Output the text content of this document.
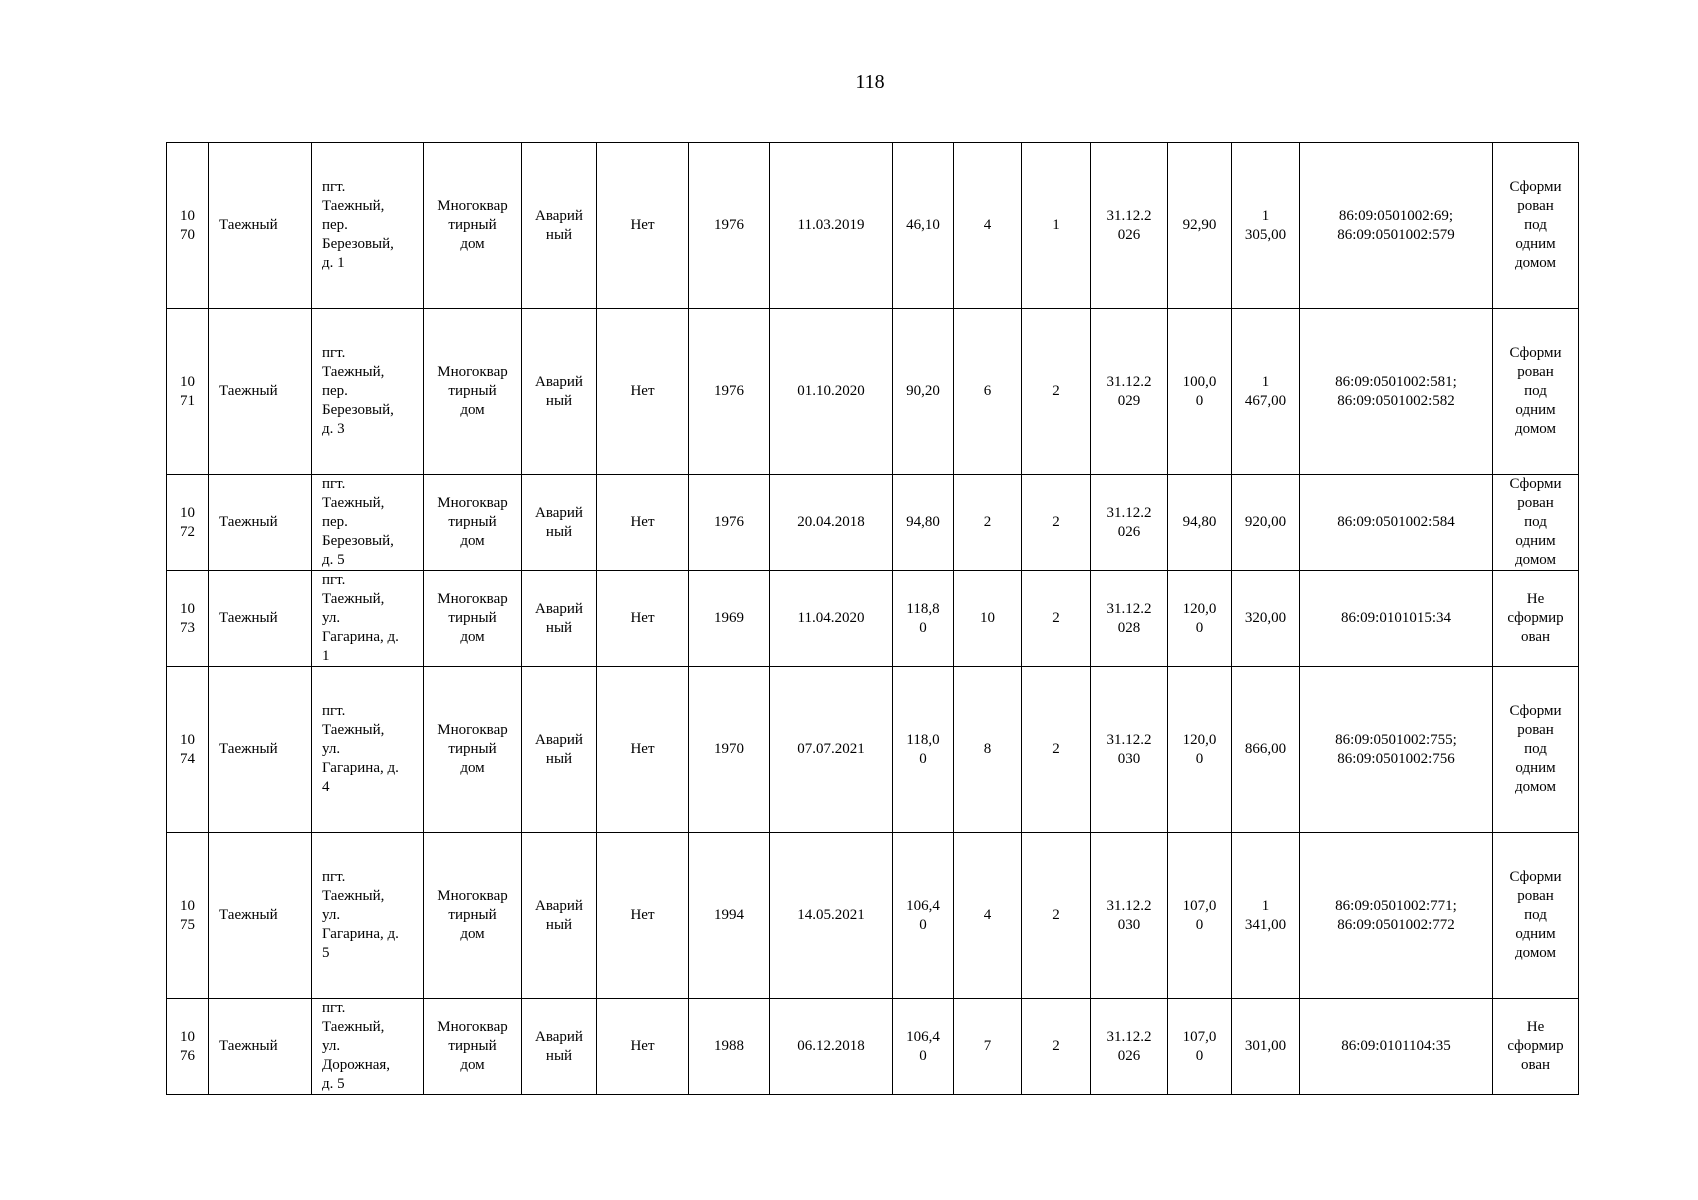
118
10
70	Таежный	пгт.
Таежный,
пер.
Березовый,
д. 1	Многоквар
тирный
дом	Аварий
ный	Нет	1976	11.03.2019	46,10	4	1	31.12.2
026	92,90	1
305,00	86:09:0501002:69;
86:09:0501002:579	Сформи
рован
под
одним
домом

10
71	Таежный	пгт.
Таежный,
пер.
Березовый,
д. 3	Многоквар
тирный
дом	Аварий
ный	Нет	1976	01.10.2020	90,20	6	2	31.12.2
029	100,0
0	1
467,00	86:09:0501002:581;
86:09:0501002:582	Сформи
рован
под
одним
домом

10
72	Таежный	пгт.
Таежный,
пер.
Березовый,
д. 5	Многоквар
тирный
дом	Аварий
ный	Нет	1976	20.04.2018	94,80	2	2	31.12.2
026	94,80	920,00	86:09:0501002:584	Сформи
рован
под
одним
домом

10
73	Таежный	пгт.
Таежный,
ул.
Гагарина, д.
1	Многоквар
тирный
дом	Аварий
ный	Нет	1969	11.04.2020	118,8
0	10	2	31.12.2
028	120,0
0	320,00	86:09:0101015:34	Не
сформир
ован

10
74	Таежный	пгт.
Таежный,
ул.
Гагарина, д.
4	Многоквар
тирный
дом	Аварий
ный	Нет	1970	07.07.2021	118,0
0	8	2	31.12.2
030	120,0
0	866,00	86:09:0501002:755;
86:09:0501002:756	Сформи
рован
под
одним
домом

10
75	Таежный	пгт.
Таежный,
ул.
Гагарина, д.
5	Многоквар
тирный
дом	Аварий
ный	Нет	1994	14.05.2021	106,4
0	4	2	31.12.2
030	107,0
0	1
341,00	86:09:0501002:771;
86:09:0501002:772	Сформи
рован
под
одним
домом

10
76	Таежный	пгт.
Таежный,
ул.
Дорожная,
д. 5	Многоквар
тирный
дом	Аварий
ный	Нет	1988	06.12.2018	106,4
0	7	2	31.12.2
026	107,0
0	301,00	86:09:0101104:35	Не
сформир
ован
